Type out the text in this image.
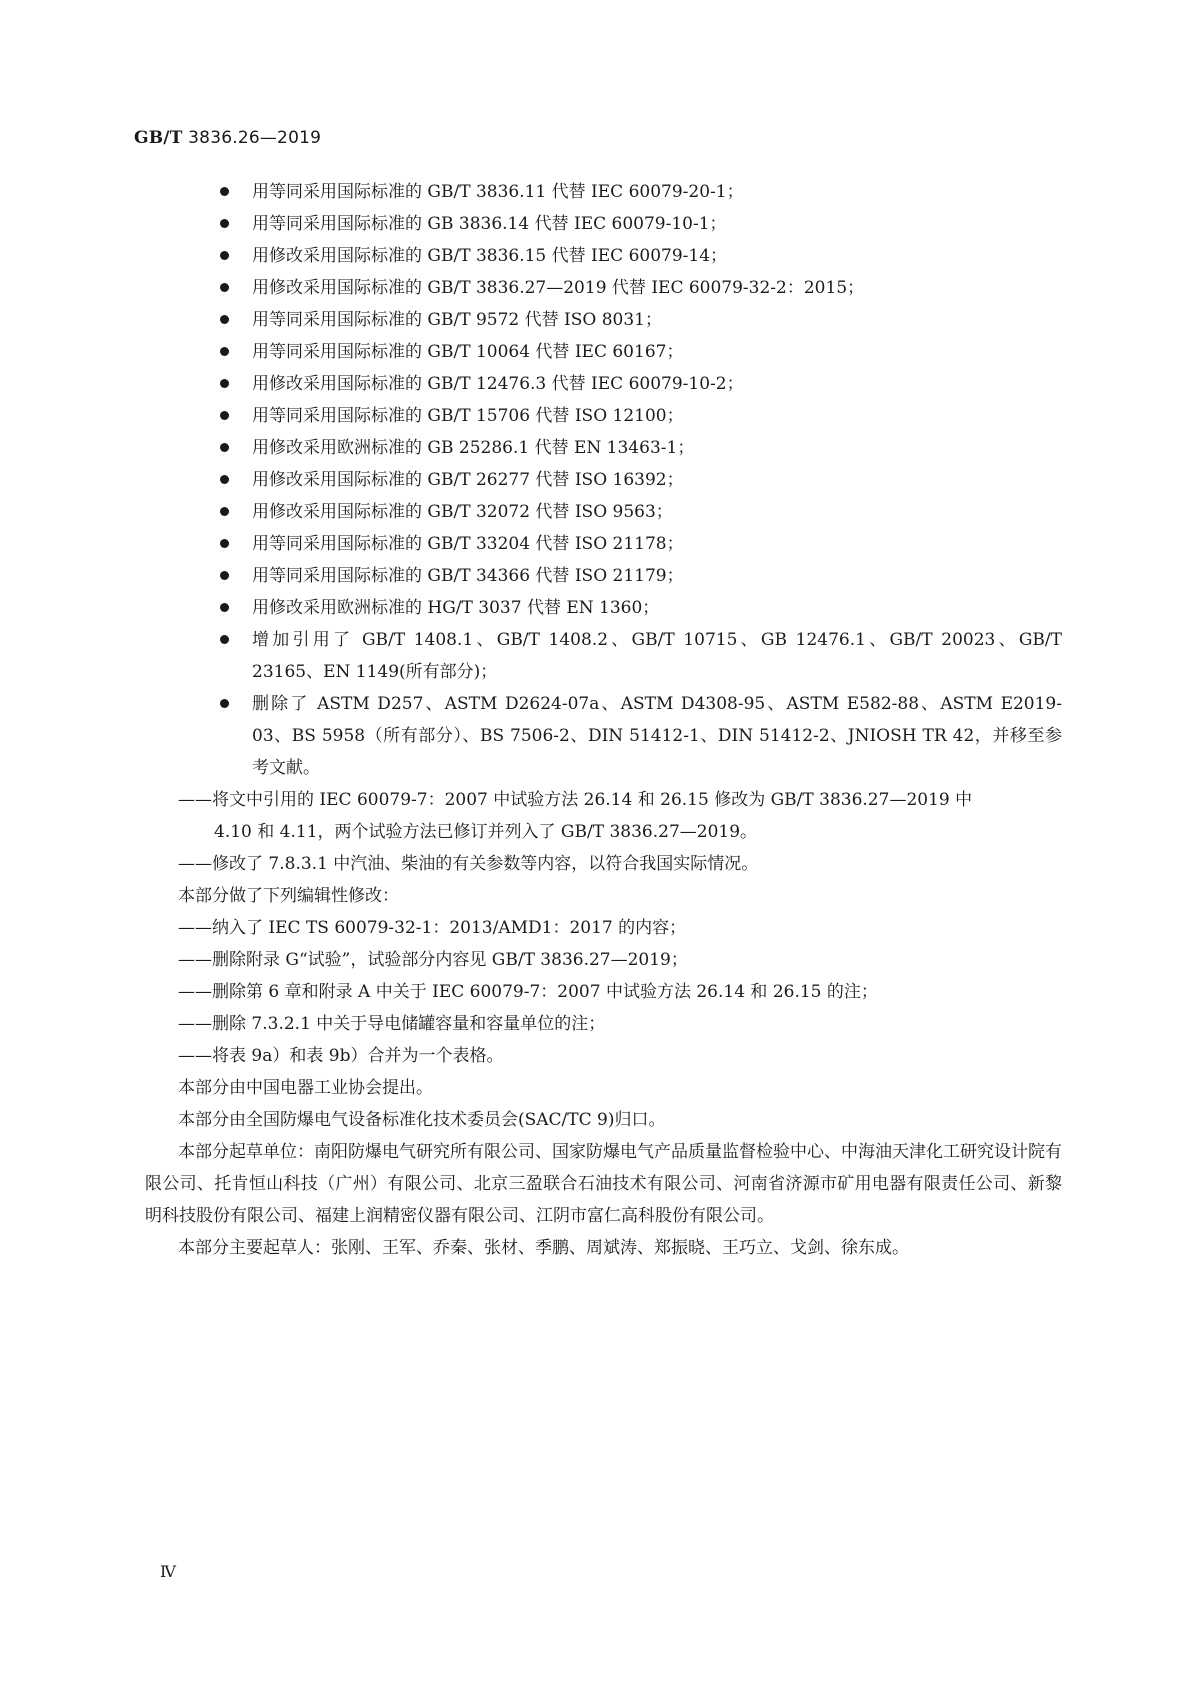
GB/T 3836.26—2019
用等同采用国际标准的 GB/T 3836.11 代替 IEC 60079-20-1；
用等同采用国际标准的 GB 3836.14 代替 IEC 60079-10-1；
用修改采用国际标准的 GB/T 3836.15 代替 IEC 60079-14；
用修改采用国际标准的 GB/T 3836.27—2019 代替 IEC 60079-32-2：2015；
用等同采用国际标准的 GB/T 9572 代替 ISO 8031；
用等同采用国际标准的 GB/T 10064 代替 IEC 60167；
用修改采用国际标准的 GB/T 12476.3 代替 IEC 60079-10-2；
用等同采用国际标准的 GB/T 15706 代替 ISO 12100；
用修改采用欧洲标准的 GB 25286.1 代替 EN 13463-1；
用修改采用国际标准的 GB/T 26277 代替 ISO 16392；
用修改采用国际标准的 GB/T 32072 代替 ISO 9563；
用等同采用国际标准的 GB/T 33204 代替 ISO 21178；
用等同采用国际标准的 GB/T 34366 代替 ISO 21179；
用修改采用欧洲标准的 HG/T 3037 代替 EN 1360；
增加引用了 GB/T 1408.1、GB/T 1408.2、GB/T 10715、GB 12476.1、GB/T 20023、GB/T 23165、EN 1149(所有部分)；
删除了 ASTM D257、ASTM D2624-07a、ASTM D4308-95、ASTM E582-88、ASTM E2019-03、BS 5958（所有部分）、BS 7506-2、DIN 51412-1、DIN 51412-2、JNIOSH TR 42，并移至参考文献。
——将文中引用的 IEC 60079-7：2007 中试验方法 26.14 和 26.15 修改为 GB/T 3836.27—2019 中
4.10 和 4.11，两个试验方法已修订并列入了 GB/T 3836.27—2019。
——修改了 7.8.3.1 中汽油、柴油的有关参数等内容，以符合我国实际情况。
本部分做了下列编辑性修改：
——纳入了 IEC TS 60079-32-1：2013/AMD1：2017 的内容；
——删除附录 G“试验”，试验部分内容见 GB/T 3836.27—2019；
——删除第 6 章和附录 A 中关于 IEC 60079-7：2007 中试验方法 26.14 和 26.15 的注；
——删除 7.3.2.1 中关于导电储罐容量和容量单位的注；
——将表 9a）和表 9b）合并为一个表格。
本部分由中国电器工业协会提出。
本部分由全国防爆电气设备标准化技术委员会(SAC/TC 9)归口。
本部分起草单位：南阳防爆电气研究所有限公司、国家防爆电气产品质量监督检验中心、中海油天津化工研究设计院有限公司、托肯恒山科技（广州）有限公司、北京三盈联合石油技术有限公司、河南省济源市矿用电器有限责任公司、新黎明科技股份有限公司、福建上润精密仪器有限公司、江阴市富仁高科股份有限公司。
本部分主要起草人：张刚、王军、乔秦、张材、季鹏、周斌涛、郑振晓、王巧立、戈剑、徐东成。
Ⅳ
